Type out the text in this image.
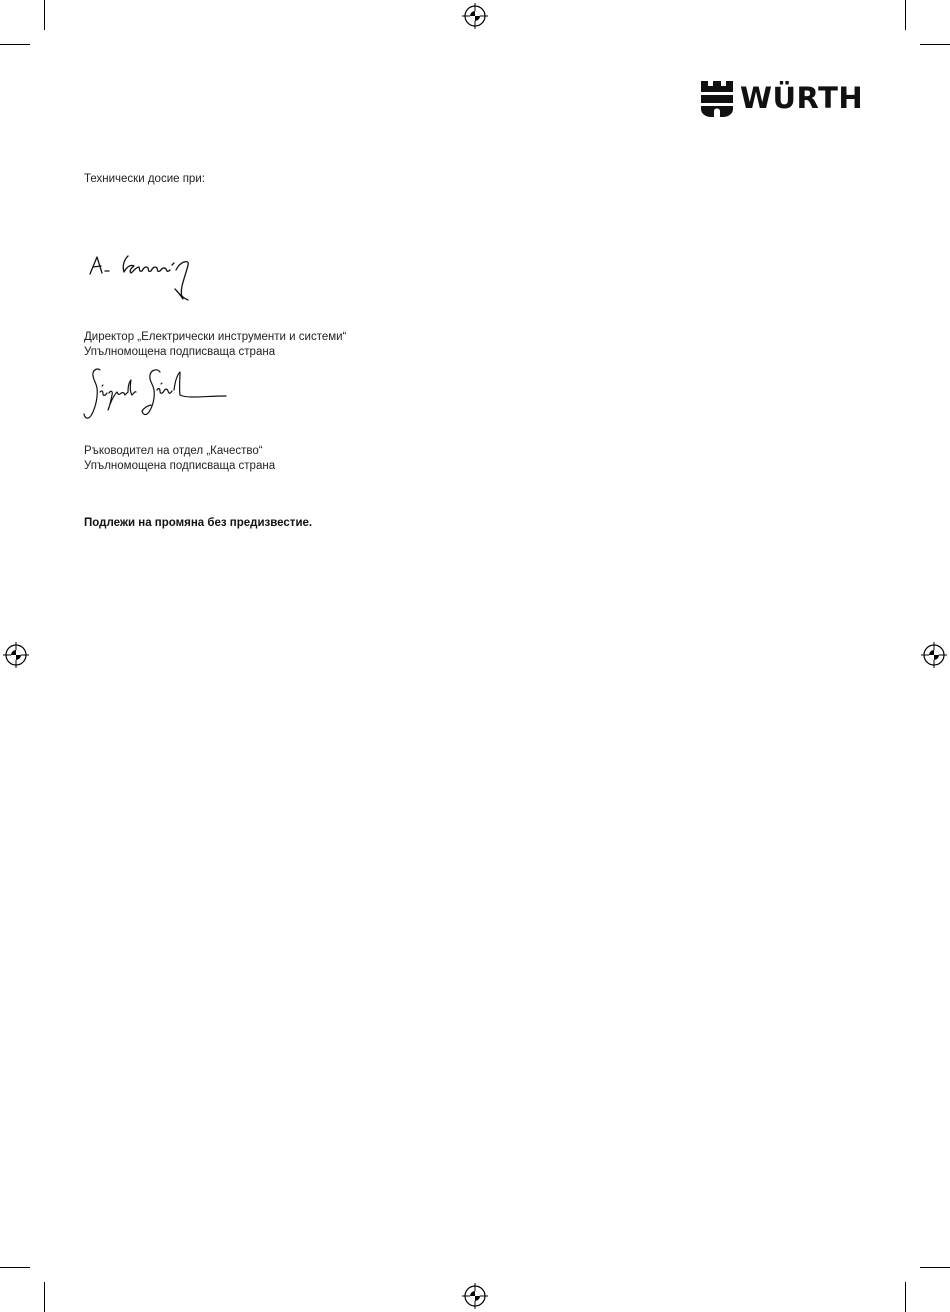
WÜRTH
Технически досие при:
Директор „Електрически инструменти и системи“
Упълномощена подписваща страна
Ръководител на отдел „Качество“
Упълномощена подписваща страна
Подлежи на промяна без предизвестие.
